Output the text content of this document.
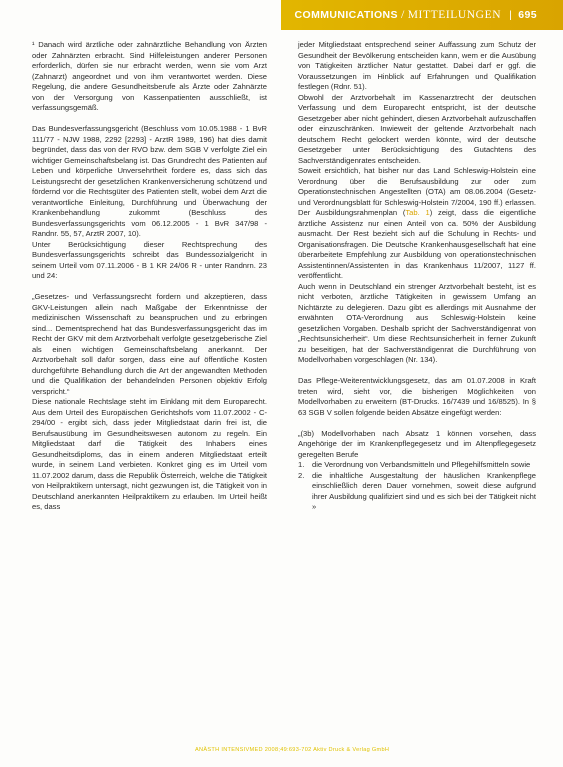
COMMUNICATIONS / MITTEILUNGEN | 695

¹ Danach wird ärztliche oder zahnärztliche Behandlung von Ärzten oder Zahnärzten erbracht. Sind Hilfeleistungen anderer Personen erforderlich, dürfen sie nur erbracht werden, wenn sie vom Arzt (Zahnarzt) angeordnet und von ihm verantwortet werden. Diese Regelung, die andere Gesundheitsberufe als Ärzte oder Zahnärzte von der Versorgung von Kassenpatienten ausschließt, ist verfassungsgemäß.

Das Bundesverfassungsgericht (Beschluss vom 10.05.1988 - 1 BvR 111/77 - NJW 1988, 2292 [2293] - ArztR 1989, 196) hat dies damit begründet, dass das von der RVO bzw. dem SGB V verfolgte Ziel ein wichtiger Gemeinschaftsbelang ist. Das Grundrecht des Patienten auf Leben und körperliche Unversehrtheit fordere es, dass sich das Leistungsrecht der gesetzlichen Krankenversicherung schützend und fördernd vor die Rechtsgüter des Patienten stellt, wobei dem Arzt die verantwortliche Einleitung, Durchführung und Überwachung der Krankenbehandlung zukommt (Beschluss des Bundesverfassungsgerichts vom 06.12.2005 - 1 BvR 347/98 - Randnr. 55, 57, ArztR 2007, 10).

Unter Berücksichtigung dieser Rechtsprechung des Bundesverfassungsgerichts schreibt das Bundessozialgericht in seinem Urteil vom 07.11.2006 - B 1 KR 24/06 R - unter Randnrn. 23 und 24:

„Gesetzes- und Verfassungsrecht fordern und akzeptieren, dass GKV-Leistungen allein nach Maßgabe der Erkenntnisse der medizinischen Wissenschaft zu beanspruchen und zu erbringen sind... Dementsprechend hat das Bundesverfassungsgericht das im Recht der GKV mit dem Arztvorbehalt verfolgte gesetzgeberische Ziel als einen wichtigen Gemeinschaftsbelang anerkannt. Der Arztvorbehalt soll dafür sorgen, dass eine auf öffentliche Kosten durchgeführte Behandlung durch die Art der angewandten Methoden und die Qualifikation der behandelnden Personen objektiv Erfolg verspricht.“

Diese nationale Rechtslage steht im Einklang mit dem Europarecht. Aus dem Urteil des Europäischen Gerichtshofs vom 11.07.2002 - C-294/00 - ergibt sich, dass jeder Mitgliedstaat darin frei ist, die Berufsausübung im Gesundheitswesen autonom zu regeln. Ein Mitgliedstaat darf die Tätigkeit des Inhabers eines Gesundheitsdiploms, das in einem anderen Mitgliedstaat erteilt wurde, in seinem Land verbieten. Konkret ging es im Urteil vom 11.07.2002 darum, dass die Republik Österreich, welche die Tätigkeit von Heilpraktikern untersagt, nicht gezwungen ist, die Tätigkeit von in Deutschland anerkannten Heilpraktikern zu erlauben. Im Urteil heißt es, dass

jeder Mitgliedstaat entsprechend seiner Auffassung zum Schutz der Gesundheit der Bevölkerung entscheiden kann, wem er die Ausübung von Tätigkeiten ärztlicher Natur gestattet. Dabei darf er ggf. die Voraussetzungen im Hinblick auf Erfahrungen und Qualifikation festlegen (Rdnr. 51).

Obwohl der Arztvorbehalt im Kassenarztrecht der deutschen Verfassung und dem Europarecht entspricht, ist der deutsche Gesetzgeber aber nicht gehindert, diesen Arztvorbehalt aufzuschaffen oder einzuschränken. Inwieweit der geltende Arztvorbehalt nach deutschem Recht gelockert werden könnte, wird der deutsche Gesetzgeber unter Berücksichtigung des Gutachtens des Sachverständigenrates entscheiden.

Soweit ersichtlich, hat bisher nur das Land Schleswig-Holstein eine Verordnung über die Berufsausbildung zur oder zum Operationstechnischen Angestellten (OTA) am 08.06.2004 (Gesetz- und Verordnungsblatt für Schleswig-Holstein 7/2004, 190 ff.) erlassen. Der Ausbildungsrahmenplan (Tab. 1) zeigt, dass die eigentliche ärztliche Assistenz nur einen Anteil von ca. 50% der Ausbildung ausmacht. Der Rest bezieht sich auf die Schulung in Rechts- und Organisationsfragen. Die Deutsche Krankenhausgesellschaft hat eine überarbeitete Empfehlung zur Ausbildung von operationstechnischen Assistentinnen/Assistenten in das Krankenhaus 11/2007, 1127 ff. veröffentlicht.

Auch wenn in Deutschland ein strenger Arztvorbehalt besteht, ist es nicht verboten, ärztliche Tätigkeiten in gewissem Umfang an Nichtärzte zu delegieren. Dazu gibt es allerdings mit Ausnahme der erwähnten OTA-Verordnung aus Schleswig-Holstein keine gesetzlichen Vorgaben. Deshalb spricht der Sachverständigenrat von „Rechtsunsicherheit“. Um diese Rechtsunsicherheit in ferner Zukunft zu beseitigen, hat der Sachverständigenrat die Durchführung von Modellvorhaben vorgeschlagen (Nr. 134).

Das Pflege-Weiterentwicklungsgesetz, das am 01.07.2008 in Kraft treten wird, sieht vor, die bisherigen Möglichkeiten von Modellvorhaben zu erweitern (BT-Drucks. 16/7439 und 16/8525). In § 63 SGB V sollen folgende beiden Absätze eingefügt werden:

„(3b) Modellvorhaben nach Absatz 1 können vorsehen, dass Angehörige der im Krankenpflegegesetz und im Altenpflegegesetz geregelten Berufe

1. die Verordnung von Verbandsmitteln und Pflegehilfsmitteln sowie
2. die inhaltliche Ausgestaltung der häuslichen Krankenpflege einschließlich deren Dauer vornehmen, soweit diese aufgrund ihrer Ausbildung qualifiziert sind und es sich bei der Tätigkeit nicht »
ANÄSTH INTENSIVMED 2008;49:693-702 Aktiv Druck & Verlag GmbH
